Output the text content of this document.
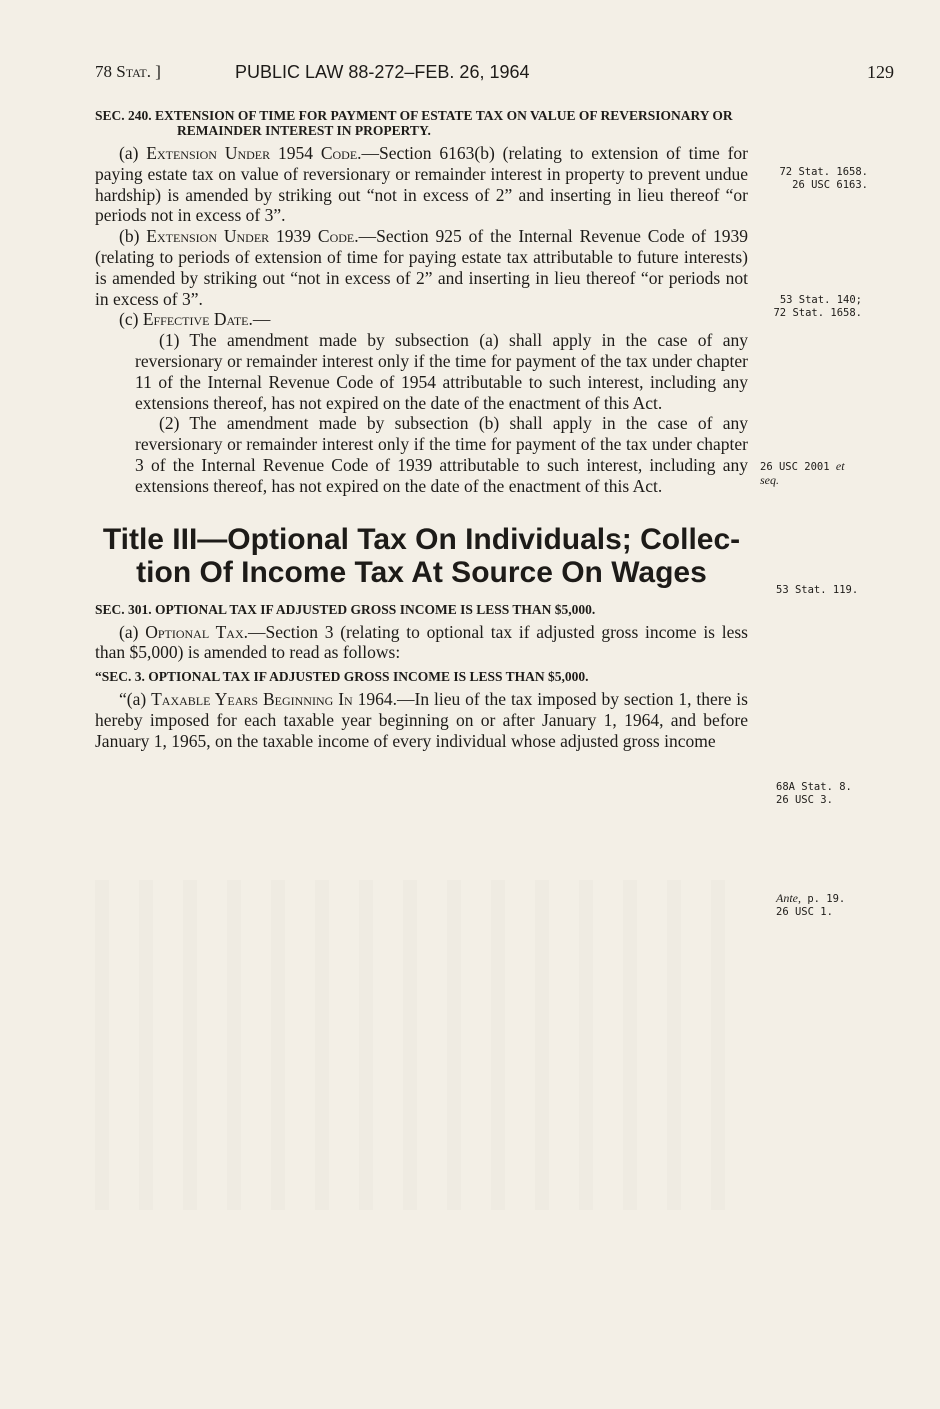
78 Stat. ]	PUBLIC LAW 88-272–FEB. 26, 1964	129

SEC. 240. EXTENSION OF TIME FOR PAYMENT OF ESTATE TAX ON VALUE OF REVERSIONARY OR REMAINDER INTEREST IN PROPERTY.

(a) Extension Under 1954 Code.—Section 6163(b) (relating to extension of time for paying estate tax on value of reversionary or remainder interest in property to prevent undue hardship) is amended by striking out “not in excess of 2” and inserting in lieu thereof “or periods not in excess of 3”.

(b) Extension Under 1939 Code.—Section 925 of the Internal Revenue Code of 1939 (relating to periods of extension of time for paying estate tax attributable to future interests) is amended by striking out “not in excess of 2” and inserting in lieu thereof “or periods not in excess of 3”.

(c) Effective Date.—

(1) The amendment made by subsection (a) shall apply in the case of any reversionary or remainder interest only if the time for payment of the tax under chapter 11 of the Internal Revenue Code of 1954 attributable to such interest, including any extensions thereof, has not expired on the date of the enactment of this Act.

(2) The amendment made by subsection (b) shall apply in the case of any reversionary or remainder interest only if the time for payment of the tax under chapter 3 of the Internal Revenue Code of 1939 attributable to such interest, including any extensions thereof, has not expired on the date of the enactment of this Act.

Title III—Optional Tax On Individuals; Collec-
tion Of Income Tax At Source On Wages

SEC. 301. OPTIONAL TAX IF ADJUSTED GROSS INCOME IS LESS THAN $5,000.

(a) Optional Tax.—Section 3 (relating to optional tax if adjusted gross income is less than $5,000) is amended to read as follows:

“SEC. 3. OPTIONAL TAX IF ADJUSTED GROSS INCOME IS LESS THAN $5,000.

“(a) Taxable Years Beginning In 1964.—In lieu of the tax imposed by section 1, there is hereby imposed for each taxable year beginning on or after January 1, 1964, and before January 1, 1965, on the taxable income of every individual whose adjusted gross income

72 Stat. 1658.
26 USC 6163.
53 Stat. 140;
72 Stat. 1658.
26 USC 2001 et
seq.
53 Stat. 119.
68A Stat. 8.
26 USC 3.
Ante, p. 19.
26 USC 1.
